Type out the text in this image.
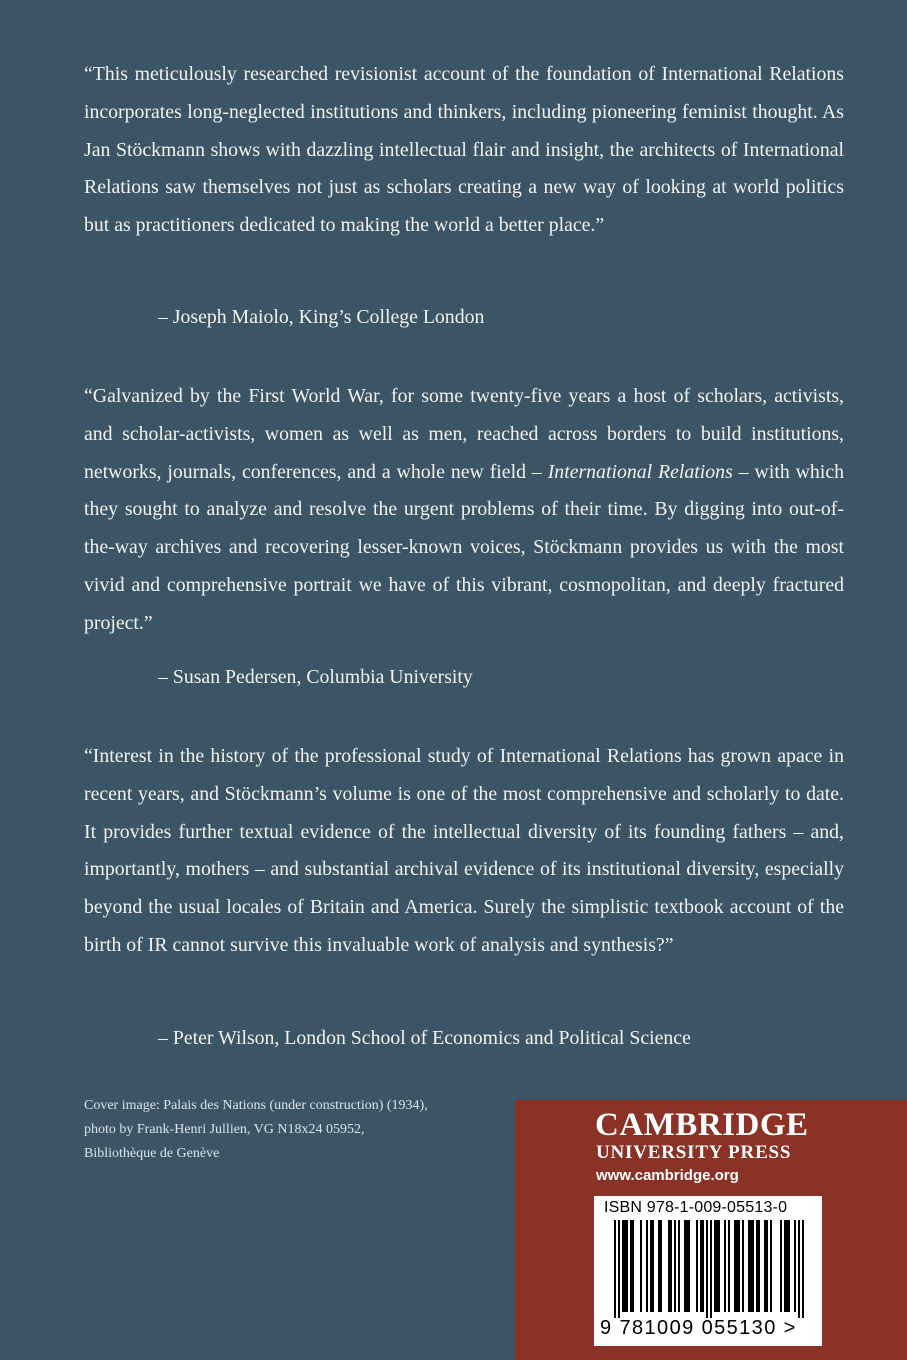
“This meticulously researched revisionist account of the foundation of International Relations incorporates long-neglected institutions and thinkers, including pioneering feminist thought. As Jan Stöckmann shows with dazzling intellectual flair and insight, the architects of International Relations saw themselves not just as scholars creating a new way of looking at world politics but as practitioners dedicated to making the world a better place.”

– Joseph Maiolo, King’s College London

“Galvanized by the First World War, for some twenty-five years a host of scholars, activists, and scholar-activists, women as well as men, reached across borders to build institutions, networks, journals, conferences, and a whole new field – International Relations – with which they sought to analyze and resolve the urgent problems of their time. By digging into out-of-the-way archives and recovering lesser-known voices, Stöckmann provides us with the most vivid and comprehensive portrait we have of this vibrant, cosmopolitan, and deeply fractured project.”

– Susan Pedersen, Columbia University

“Interest in the history of the professional study of International Relations has grown apace in recent years, and Stöckmann’s volume is one of the most comprehensive and scholarly to date. It provides further textual evidence of the intellectual diversity of its founding fathers – and, importantly, mothers – and substantial archival evidence of its institutional diversity, especially beyond the usual locales of Britain and America. Surely the simplistic textbook account of the birth of IR cannot survive this invaluable work of analysis and synthesis?”

– Peter Wilson, London School of Economics and Political Science

Cover image: Palais des Nations (under construction) (1934), photo by Frank-Henri Jullien, VG N18x24 05952, Bibliothèque de Genève

CAMBRIDGE
UNIVERSITY PRESS
www.cambridge.org
ISBN 978-1-009-05513-0
9 781009 055130 >
